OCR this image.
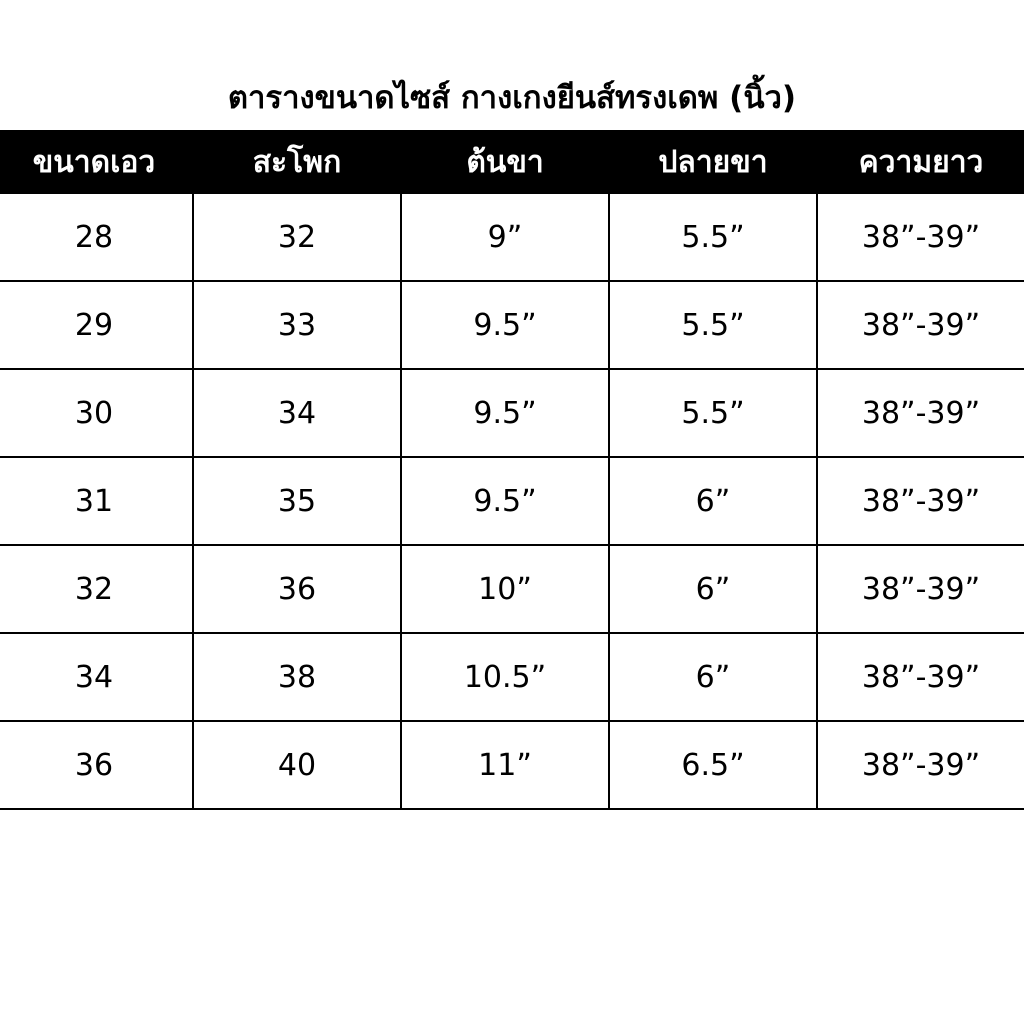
ตารางขนาดไซส์ กางเกงยีนส์ทรงเดพ (นิ้ว)
ขนาดเอว	สะโพก	ต้นขา	ปลายขา	ความยาว
28	32	9”	5.5”	38”-39”
29	33	9.5”	5.5”	38”-39”
30	34	9.5”	5.5”	38”-39”
31	35	9.5”	6”	38”-39”
32	36	10”	6”	38”-39”
34	38	10.5”	6”	38”-39”
36	40	11”	6.5”	38”-39”
